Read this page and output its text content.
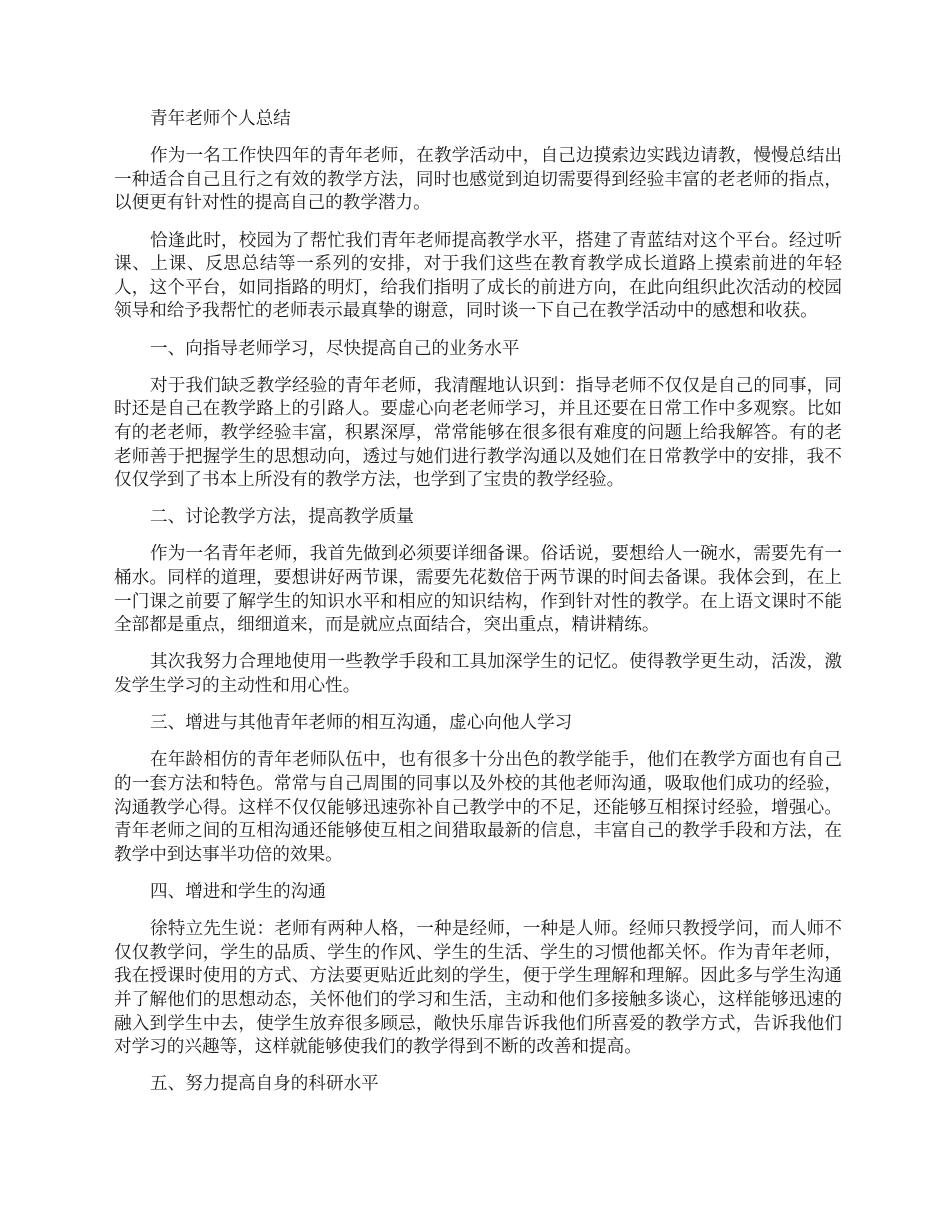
青年老师个人总结

作为一名工作快四年的青年老师，在教学活动中，自己边摸索边实践边请教，慢慢总结出一种适合自己且行之有效的教学方法，同时也感觉到迫切需要得到经验丰富的老老师的指点，以便更有针对性的提高自己的教学潜力。

恰逢此时，校园为了帮忙我们青年老师提高教学水平，搭建了青蓝结对这个平台。经过听课、上课、反思总结等一系列的安排，对于我们这些在教育教学成长道路上摸索前进的年轻人，这个平台，如同指路的明灯，给我们指明了成长的前进方向，在此向组织此次活动的校园领导和给予我帮忙的老师表示最真挚的谢意，同时谈一下自己在教学活动中的感想和收获。

一、向指导老师学习，尽快提高自己的业务水平

对于我们缺乏教学经验的青年老师，我清醒地认识到：指导老师不仅仅是自己的同事，同时还是自己在教学路上的引路人。要虚心向老老师学习，并且还要在日常工作中多观察。比如有的老老师，教学经验丰富，积累深厚，常常能够在很多很有难度的问题上给我解答。有的老老师善于把握学生的思想动向，透过与她们进行教学沟通以及她们在日常教学中的安排，我不仅仅学到了书本上所没有的教学方法，也学到了宝贵的教学经验。

二、讨论教学方法，提高教学质量

作为一名青年老师，我首先做到必须要详细备课。俗话说，要想给人一碗水，需要先有一桶水。同样的道理，要想讲好两节课，需要先花数倍于两节课的时间去备课。我体会到，在上一门课之前要了解学生的知识水平和相应的知识结构，作到针对性的教学。在上语文课时不能全部都是重点，细细道来，而是就应点面结合，突出重点，精讲精练。

其次我努力合理地使用一些教学手段和工具加深学生的记忆。使得教学更生动，活泼，激发学生学习的主动性和用心性。

三、增进与其他青年老师的相互沟通，虚心向他人学习

在年龄相仿的青年老师队伍中，也有很多十分出色的教学能手，他们在教学方面也有自己的一套方法和特色。常常与自己周围的同事以及外校的其他老师沟通，吸取他们成功的经验，沟通教学心得。这样不仅仅能够迅速弥补自己教学中的不足，还能够互相探讨经验，增强心。青年老师之间的互相沟通还能够使互相之间猎取最新的信息，丰富自己的教学手段和方法，在教学中到达事半功倍的效果。

四、增进和学生的沟通

徐特立先生说：老师有两种人格，一种是经师，一种是人师。经师只教授学问，而人师不仅仅教学问，学生的品质、学生的作风、学生的生活、学生的习惯他都关怀。作为青年老师，我在授课时使用的方式、方法要更贴近此刻的学生，便于学生理解和理解。因此多与学生沟通并了解他们的思想动态，关怀他们的学习和生活，主动和他们多接触多谈心，这样能够迅速的融入到学生中去，使学生放弃很多顾忌，敞快乐扉告诉我他们所喜爱的教学方式，告诉我他们对学习的兴趣等，这样就能够使我们的教学得到不断的改善和提高。

五、努力提高自身的科研水平
